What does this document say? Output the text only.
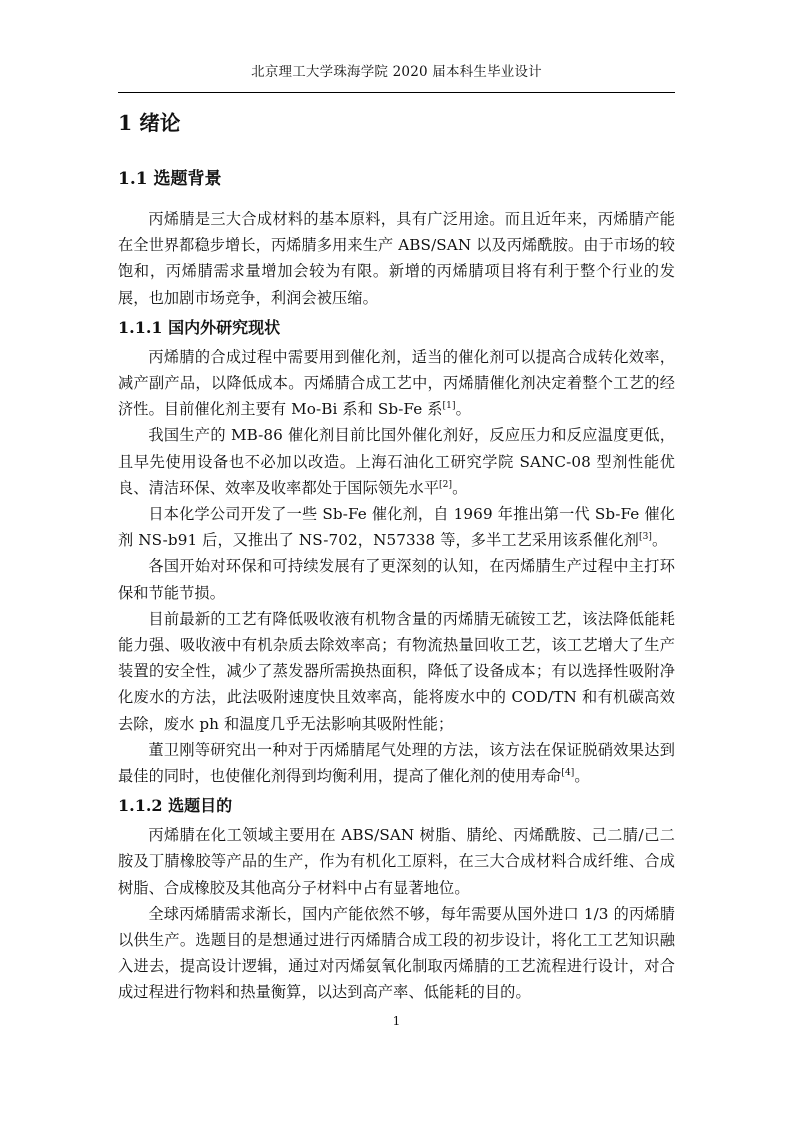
北京理工大学珠海学院 2020 届本科生毕业设计
1 绪论
1.1 选题背景

丙烯腈是三大合成材料的基本原料，具有广泛用途。而且近年来，丙烯腈产能在全世界都稳步增长，丙烯腈多用来生产 ABS/SAN 以及丙烯酰胺。由于市场的较饱和，丙烯腈需求量增加会较为有限。新增的丙烯腈项目将有利于整个行业的发展，也加剧市场竞争，利润会被压缩。

1.1.1 国内外研究现状

丙烯腈的合成过程中需要用到催化剂，适当的催化剂可以提高合成转化效率，减产副产品，以降低成本。丙烯腈合成工艺中，丙烯腈催化剂决定着整个工艺的经济性。目前催化剂主要有 Mo-Bi 系和 Sb-Fe 系[1]。

我国生产的 MB-86 催化剂目前比国外催化剂好，反应压力和反应温度更低，且早先使用设备也不必加以改造。上海石油化工研究学院 SANC-08 型剂性能优良、清洁环保、效率及收率都处于国际领先水平[2]。

日本化学公司开发了一些 Sb-Fe 催化剂，自 1969 年推出第一代 Sb-Fe 催化剂 NS-b91 后，又推出了 NS-702，N57338 等，多半工艺采用该系催化剂[3]。

各国开始对环保和可持续发展有了更深刻的认知，在丙烯腈生产过程中主打环保和节能节损。

目前最新的工艺有降低吸收液有机物含量的丙烯腈无硫铵工艺，该法降低能耗能力强、吸收液中有机杂质去除效率高；有物流热量回收工艺，该工艺增大了生产装置的安全性，减少了蒸发器所需换热面积，降低了设备成本；有以选择性吸附净化废水的方法，此法吸附速度快且效率高，能将废水中的 COD/TN 和有机碳高效去除，废水 ph 和温度几乎无法影响其吸附性能；

董卫刚等研究出一种对于丙烯腈尾气处理的方法，该方法在保证脱硝效果达到最佳的同时，也使催化剂得到均衡利用，提高了催化剂的使用寿命[4]。

1.1.2 选题目的

丙烯腈在化工领域主要用在 ABS/SAN 树脂、腈纶、丙烯酰胺、己二腈/己二胺及丁腈橡胶等产品的生产，作为有机化工原料，在三大合成材料合成纤维、合成树脂、合成橡胶及其他高分子材料中占有显著地位。

全球丙烯腈需求渐长，国内产能依然不够，每年需要从国外进口 1/3 的丙烯腈以供生产。选题目的是想通过进行丙烯腈合成工段的初步设计，将化工工艺知识融入进去，提高设计逻辑，通过对丙烯氨氧化制取丙烯腈的工艺流程进行设计，对合成过程进行物料和热量衡算，以达到高产率、低能耗的目的。

1
